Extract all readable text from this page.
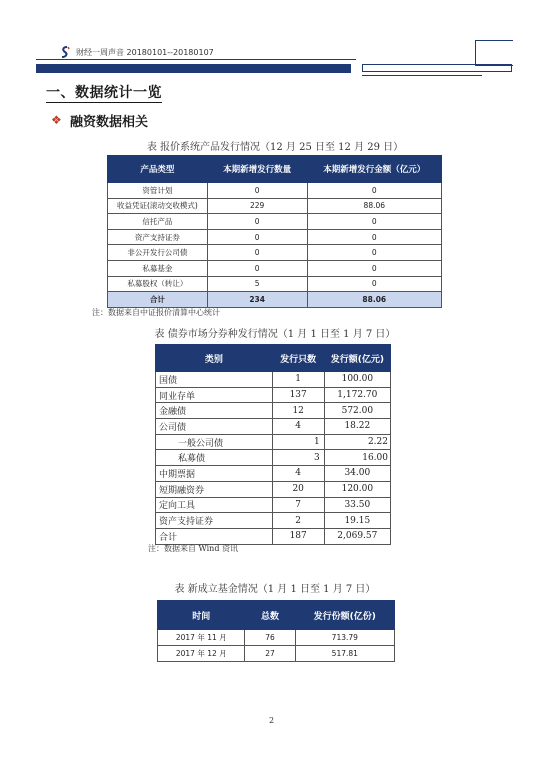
财经一周声音 20180101--20180107
一、数据统计一览
❖ 融资数据相关
表 报价系统产品发行情况（12 月 25 日至 12 月 29 日）
产品类型	本期新增发行数量	本期新增发行金额（亿元）
资管计划	0	0
收益凭证(滚动交收模式)	229	88.06
信托产品	0	0
资产支持证券	0	0
非公开发行公司债	0	0
私募基金	0	0
私募股权（转让）	5	0
合计	234	88.06
注：数据来自中证报价清算中心统计
表 债券市场分券种发行情况（1 月 1 日至 1 月 7 日）
类别	发行只数	发行额(亿元)
国债	1	100.00
同业存单	137	1,172.70
金融债	12	572.00
公司债	4	18.22
一般公司债	1	2.22
私募债	3	16.00
中期票据	4	34.00
短期融资券	20	120.00
定向工具	7	33.50
资产支持证券	2	19.15
合计	187	2,069.57
注：数据来自 Wind 资讯
表 新成立基金情况（1 月 1 日至 1 月 7 日）
时间	总数	发行份额(亿份)
2017 年 11 月	76	713.79
2017 年 12 月	27	517.81
2
